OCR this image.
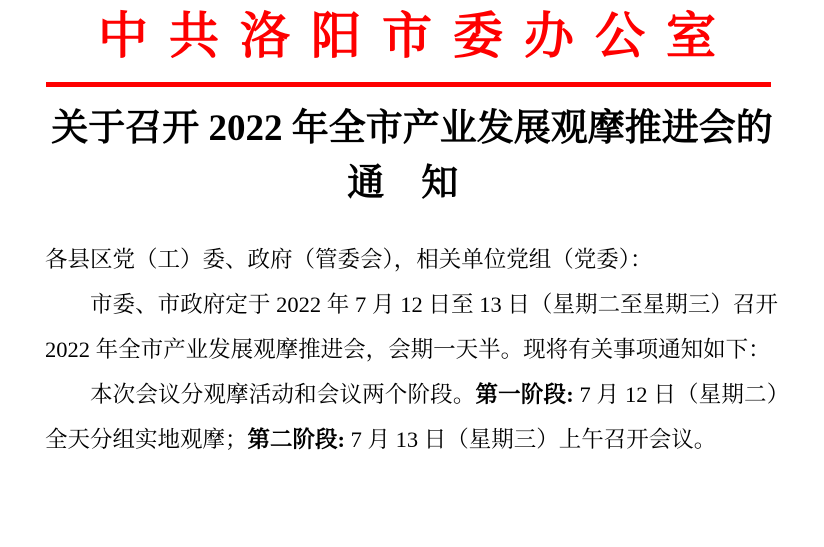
中共洛阳市委办公室
关于召开 2022 年全市产业发展观摩推进会的
通知

各县区党（工）委、政府（管委会），相关单位党组（党委）：

市委、市政府定于 2022 年 7 月 12 日至 13 日（星期二至星期三）召开 2022 年全市产业发展观摩推进会，会期一天半。现将有关事项通知如下：

本次会议分观摩活动和会议两个阶段。第一阶段: 7 月 12 日（星期二）全天分组实地观摩；第二阶段: 7 月 13 日（星期三）上午召开会议。
